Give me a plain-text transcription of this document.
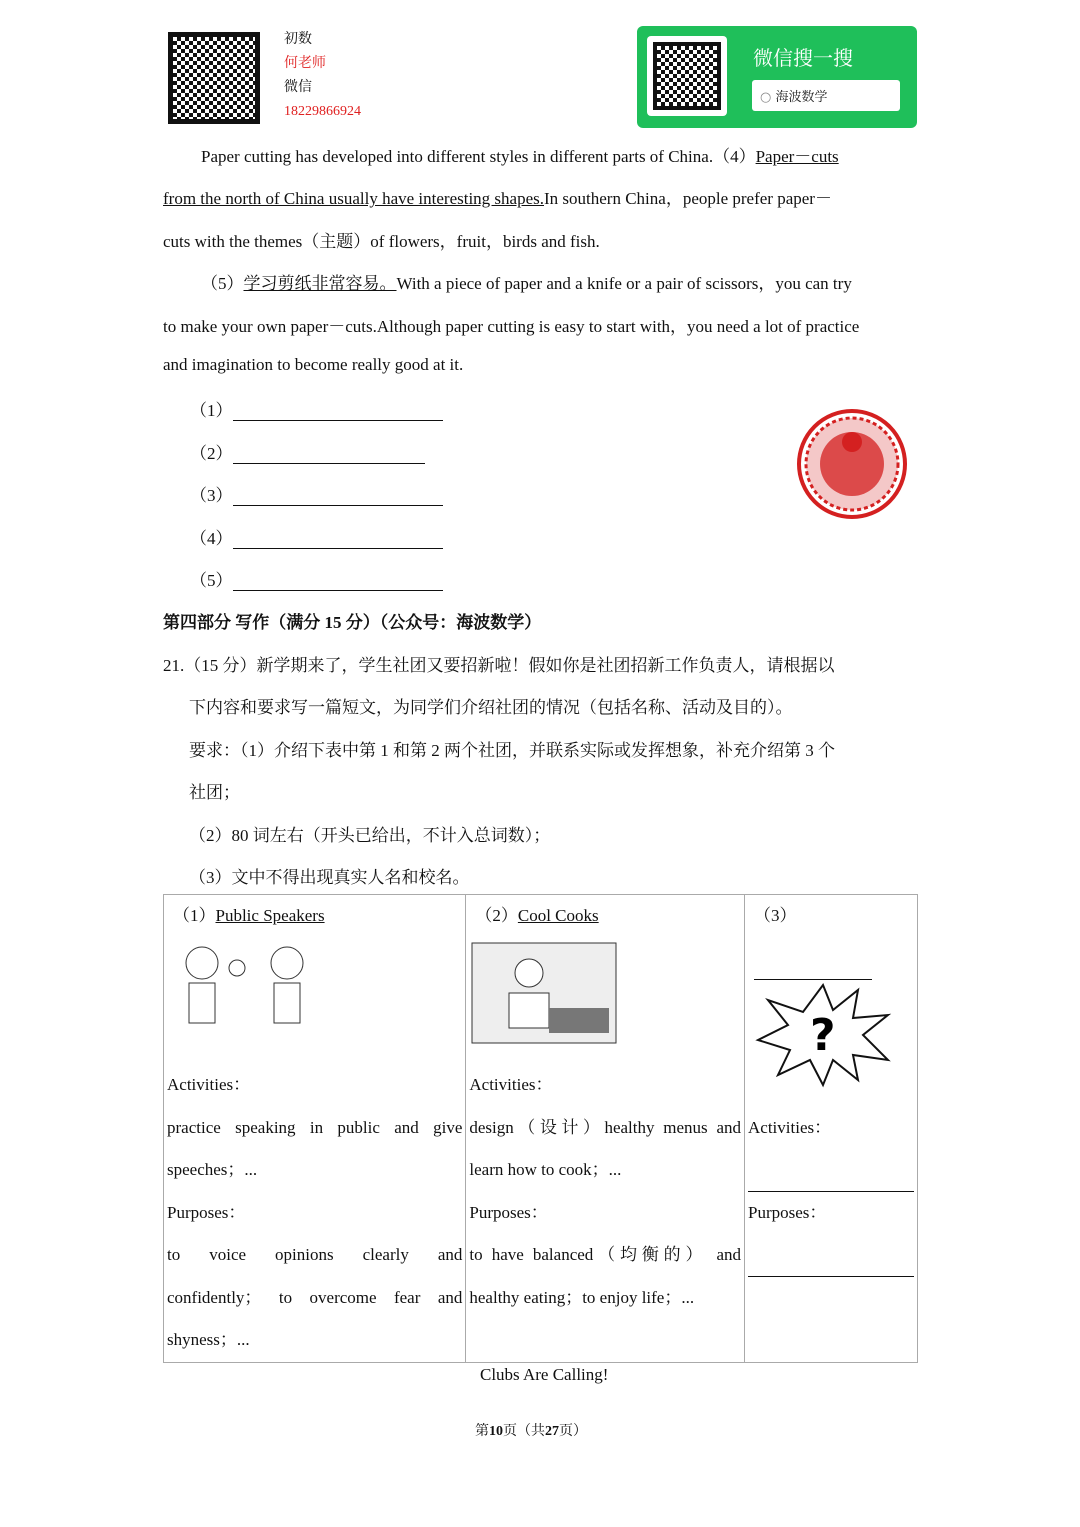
初数
何老师
微信
18229866924
微信搜一搜
○ 海波数学
Paper cutting has developed into different styles in different parts of China.（4）Paper－cuts
from the north of China usually have interesting shapes.In southern China，people prefer paper－
cuts with the themes（主题）of flowers，fruit，birds and fish.
（5）学习剪纸非常容易。With a piece of paper and a knife or a pair of scissors，you can try
to make your own paper－cuts.Although paper cutting is easy to start with，you need a lot of practice
and imagination to become really good at it.
（1）
（2）
（3）
（4）
（5）
第四部分 写作（满分 15 分）（公众号：海波数学）
21.（15 分）新学期来了，学生社团又要招新啦！假如你是社团招新工作负责人，请根据以
下内容和要求写一篇短文，为同学们介绍社团的情况（包括名称、活动及目的）。
要求：（1）介绍下表中第 1 和第 2 两个社团，并联系实际或发挥想象，补充介绍第 3 个
社团；
（2）80 词左右（开头已给出，不计入总词数）；
（3）文中不得出现真实人名和校名。
（1）Public Speakers
Activities：
practice speaking in public and give
speeches；...
Purposes：
to voice opinions clearly and
confidently； to overcome fear and
shyness；...

（2）Cool Cooks
Activities：
design（设计）healthy menus and
learn how to cook；...
Purposes：
to have balanced（均衡的） and
healthy eating；to enjoy life；...

（3）
?
Activities：
Purposes：
Clubs Are Calling!
第10页（共27页）
